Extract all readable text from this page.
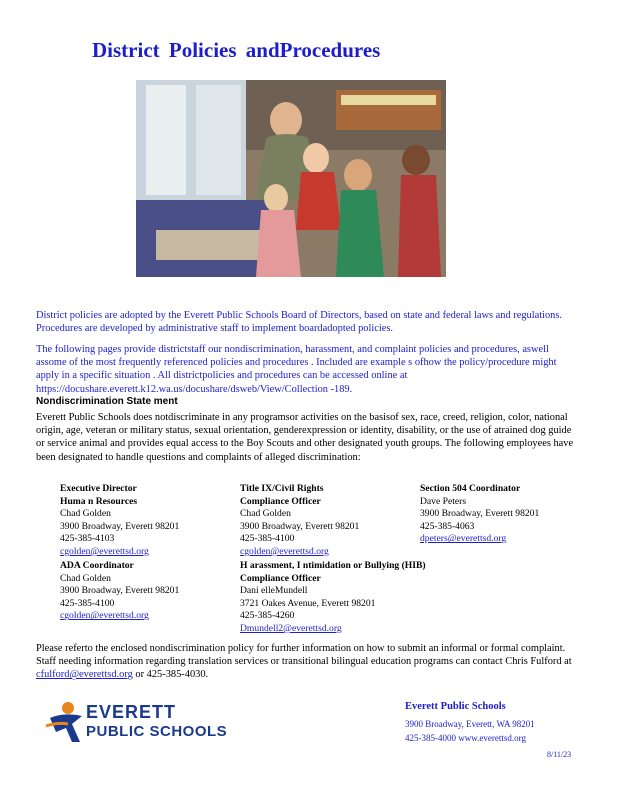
District Policies andProcedures
District policies are adopted by the Everett Public Schools Board of Directors, based on state and federal laws and regulations. Procedures are developed by administrative staff to implement boardadopted policies.
The following pages provide districtstaff our nondiscrimination, harassment, and complaint policies and procedures, aswell assome of the most frequently referenced policies and procedures . Included are example s ofhow the policy/procedure might apply in a specific situation . All districtpolicies and procedures can be accessed online at https://docushare.everett.k12.wa.us/docushare/dsweb/View/Collection -189.
Nondiscrimination State ment
Everett Public Schools does notdiscriminate in any programsor activities on the basisof sex, race, creed, religion, color, national origin, age, veteran or military status, sexual orientation, genderexpression or identity, disability, or the use of atrained dog guide or service animal and provides equal access to the Boy Scouts and other designated youth groups. The following employees have been designated to handle questions and complaints of alleged discrimination:
Executive Director
Huma n Resources
Chad Golden
3900 Broadway, Everett 98201
425-385-4103
cgolden@everettsd.org
Title IX/Civil Rights
Compliance Officer
Chad Golden
3900 Broadway, Everett 98201
425-385-4100
cgolden@everettsd.org
Section 504 Coordinator
Dave Peters
3900 Broadway, Everett 98201
425-385-4063
dpeters@everettsd.org
ADA Coordinator
Chad Golden
3900 Broadway, Everett 98201
425-385-4100
cgolden@everettsd.org
H arassment, I ntimidation or Bullying (HIB)
Compliance Officer
Dani elleMundell
3721 Oakes Avenue, Everett 98201
425-385-4260
Dmundell2@everettsd.org
Please referto the enclosed nondiscrimination policy for further information on how to submit an informal or formal complaint. Staff needing information regarding translation services or transitional bilingual education programs can contact Chris Fulford at cfulford@everettsd.org or 425-385-4030.
EVERETT
PUBLIC SCHOOLS
Everett Public Schools
3900 Broadway, Everett, WA 98201
425-385-4000 www.everettsd.org
8/11/23
